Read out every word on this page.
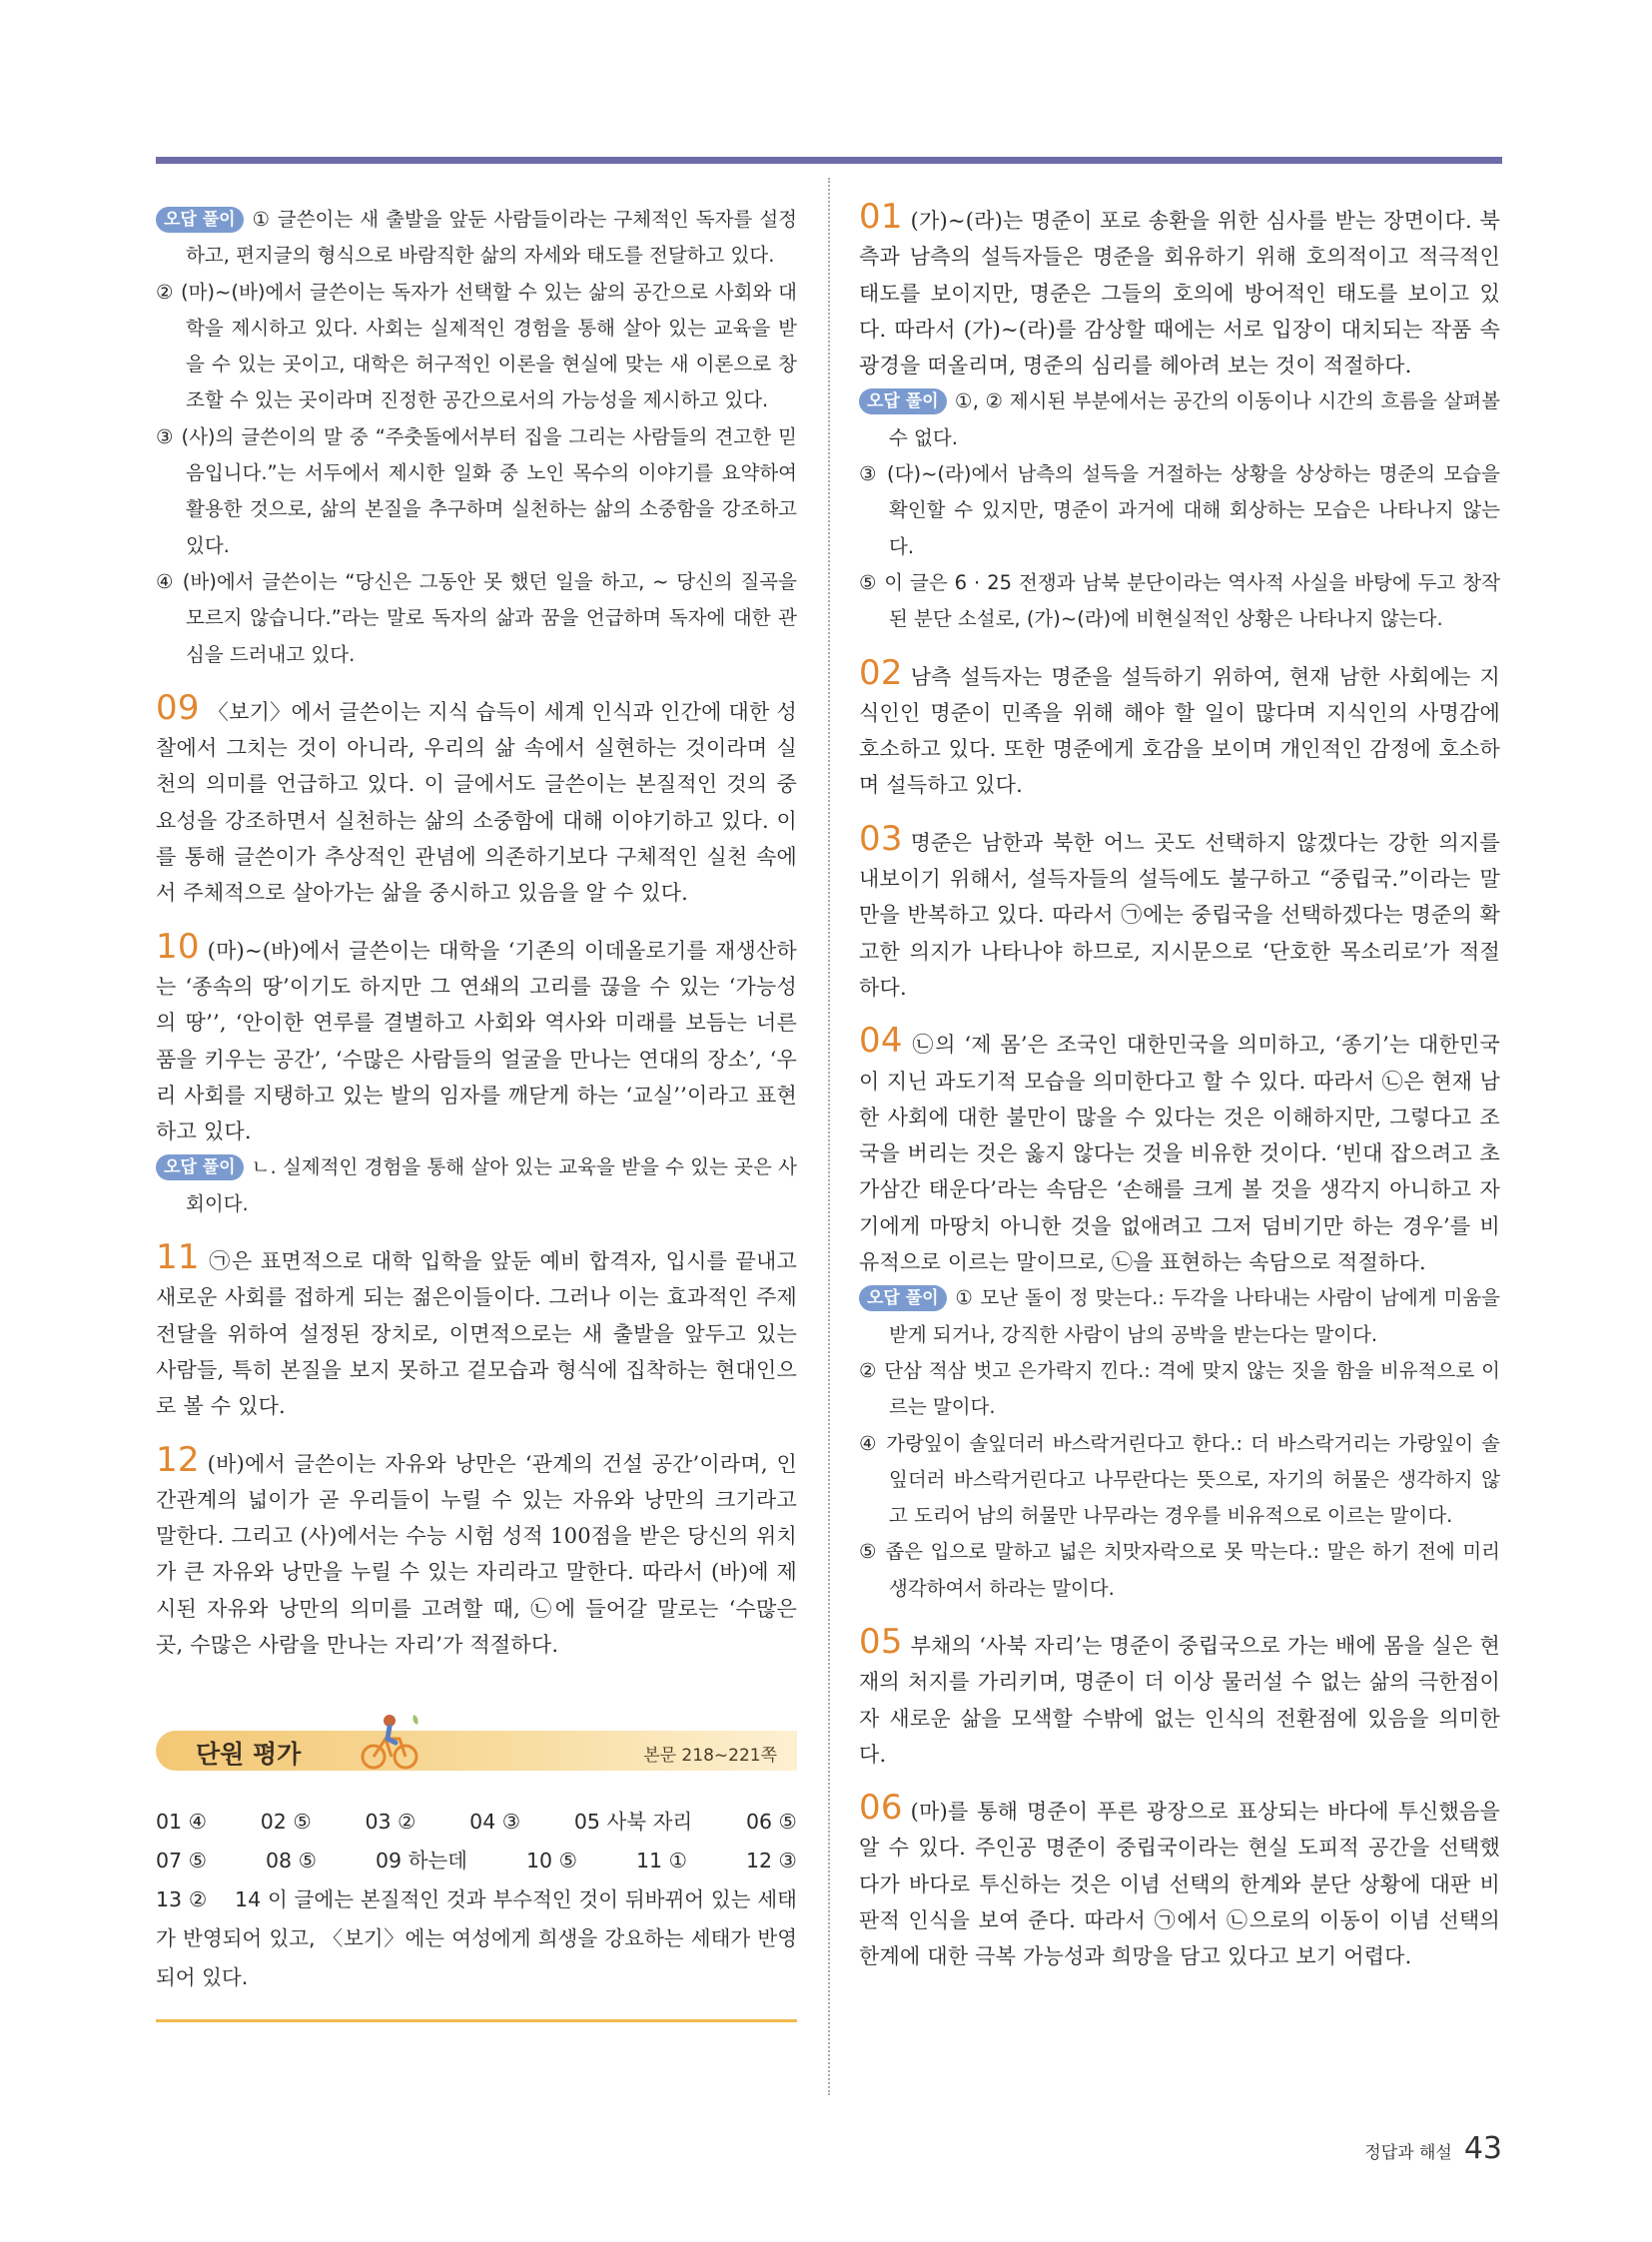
오답 풀이 ① 글쓴이는 새 출발을 앞둔 사람들이라는 구체적인 독자를 설정하고, 편지글의 형식으로 바람직한 삶의 자세와 태도를 전달하고 있다.
② (마)~(바)에서 글쓴이는 독자가 선택할 수 있는 삶의 공간으로 사회와 대학을 제시하고 있다. 사회는 실제적인 경험을 통해 살아 있는 교육을 받을 수 있는 곳이고, 대학은 허구적인 이론을 현실에 맞는 새 이론으로 창조할 수 있는 곳이라며 진정한 공간으로서의 가능성을 제시하고 있다.
③ (사)의 글쓴이의 말 중 “주춧돌에서부터 집을 그리는 사람들의 견고한 믿음입니다.”는 서두에서 제시한 일화 중 노인 목수의 이야기를 요약하여 활용한 것으로, 삶의 본질을 추구하며 실천하는 삶의 소중함을 강조하고 있다.
④ (바)에서 글쓴이는 “당신은 그동안 못 했던 일을 하고, ~ 당신의 질곡을 모르지 않습니다.”라는 말로 독자의 삶과 꿈을 언급하며 독자에 대한 관심을 드러내고 있다.
09 〈보기〉에서 글쓴이는 지식 습득이 세계 인식과 인간에 대한 성찰에서 그치는 것이 아니라, 우리의 삶 속에서 실현하는 것이라며 실천의 의미를 언급하고 있다. 이 글에서도 글쓴이는 본질적인 것의 중요성을 강조하면서 실천하는 삶의 소중함에 대해 이야기하고 있다. 이를 통해 글쓴이가 추상적인 관념에 의존하기보다 구체적인 실천 속에서 주체적으로 살아가는 삶을 중시하고 있음을 알 수 있다.
10 (마)~(바)에서 글쓴이는 대학을 ‘기존의 이데올로기를 재생산하는 ‘종속의 땅’이기도 하지만 그 연쇄의 고리를 끊을 수 있는 ‘가능성의 땅’’, ‘안이한 연루를 결별하고 사회와 역사와 미래를 보듬는 너른 품을 키우는 공간’, ‘수많은 사람들의 얼굴을 만나는 연대의 장소’, ‘우리 사회를 지탱하고 있는 발의 임자를 깨닫게 하는 ‘교실’’이라고 표현하고 있다.
오답 풀이 ㄴ. 실제적인 경험을 통해 살아 있는 교육을 받을 수 있는 곳은 사회이다.
11 ㉠은 표면적으로 대학 입학을 앞둔 예비 합격자, 입시를 끝내고 새로운 사회를 접하게 되는 젊은이들이다. 그러나 이는 효과적인 주제 전달을 위하여 설정된 장치로, 이면적으로는 새 출발을 앞두고 있는 사람들, 특히 본질을 보지 못하고 겉모습과 형식에 집착하는 현대인으로 볼 수 있다.
12 (바)에서 글쓴이는 자유와 낭만은 ‘관계의 건설 공간’이라며, 인간관계의 넓이가 곧 우리들이 누릴 수 있는 자유와 낭만의 크기라고 말한다. 그리고 (사)에서는 수능 시험 성적 100점을 받은 당신의 위치가 큰 자유와 낭만을 누릴 수 있는 자리라고 말한다. 따라서 (바)에 제시된 자유와 낭만의 의미를 고려할 때, ㉡에 들어갈 말로는 ‘수많은 곳, 수많은 사람을 만나는 자리’가 적절하다.
단원 평가	본문 218~221쪽
01 ④	02 ⑤	03 ②	04 ③	05 사북 자리	06 ⑤
07 ⑤	08 ⑤	09 하는데	10 ⑤	11 ①	12 ③
13 ② 14 이 글에는 본질적인 것과 부수적인 것이 뒤바뀌어 있는 세태가 반영되어 있고, 〈보기〉에는 여성에게 희생을 강요하는 세태가 반영되어 있다.
01 (가)~(라)는 명준이 포로 송환을 위한 심사를 받는 장면이다. 북측과 남측의 설득자들은 명준을 회유하기 위해 호의적이고 적극적인 태도를 보이지만, 명준은 그들의 호의에 방어적인 태도를 보이고 있다. 따라서 (가)~(라)를 감상할 때에는 서로 입장이 대치되는 작품 속 광경을 떠올리며, 명준의 심리를 헤아려 보는 것이 적절하다.
오답 풀이 ①, ② 제시된 부분에서는 공간의 이동이나 시간의 흐름을 살펴볼 수 없다.
③ (다)~(라)에서 남측의 설득을 거절하는 상황을 상상하는 명준의 모습을 확인할 수 있지만, 명준이 과거에 대해 회상하는 모습은 나타나지 않는다.
⑤ 이 글은 6 · 25 전쟁과 남북 분단이라는 역사적 사실을 바탕에 두고 창작된 분단 소설로, (가)~(라)에 비현실적인 상황은 나타나지 않는다.
02 남측 설득자는 명준을 설득하기 위하여, 현재 남한 사회에는 지식인인 명준이 민족을 위해 해야 할 일이 많다며 지식인의 사명감에 호소하고 있다. 또한 명준에게 호감을 보이며 개인적인 감정에 호소하며 설득하고 있다.
03 명준은 남한과 북한 어느 곳도 선택하지 않겠다는 강한 의지를 내보이기 위해서, 설득자들의 설득에도 불구하고 “중립국.”이라는 말만을 반복하고 있다. 따라서 ㉠에는 중립국을 선택하겠다는 명준의 확고한 의지가 나타나야 하므로, 지시문으로 ‘단호한 목소리로’가 적절하다.
04 ㉡의 ‘제 몸’은 조국인 대한민국을 의미하고, ‘종기’는 대한민국이 지닌 과도기적 모습을 의미한다고 할 수 있다. 따라서 ㉡은 현재 남한 사회에 대한 불만이 많을 수 있다는 것은 이해하지만, 그렇다고 조국을 버리는 것은 옳지 않다는 것을 비유한 것이다. ‘빈대 잡으려고 초가삼간 태운다’라는 속담은 ‘손해를 크게 볼 것을 생각지 아니하고 자기에게 마땅치 아니한 것을 없애려고 그저 덤비기만 하는 경우’를 비유적으로 이르는 말이므로, ㉡을 표현하는 속담으로 적절하다.
오답 풀이 ① 모난 돌이 정 맞는다.: 두각을 나타내는 사람이 남에게 미움을 받게 되거나, 강직한 사람이 남의 공박을 받는다는 말이다.
② 단삼 적삼 벗고 은가락지 낀다.: 격에 맞지 않는 짓을 함을 비유적으로 이르는 말이다.
④ 가랑잎이 솔잎더러 바스락거린다고 한다.: 더 바스락거리는 가랑잎이 솔잎더러 바스락거린다고 나무란다는 뜻으로, 자기의 허물은 생각하지 않고 도리어 남의 허물만 나무라는 경우를 비유적으로 이르는 말이다.
⑤ 좁은 입으로 말하고 넓은 치맛자락으로 못 막는다.: 말은 하기 전에 미리 생각하여서 하라는 말이다.
05 부채의 ‘사북 자리’는 명준이 중립국으로 가는 배에 몸을 실은 현재의 처지를 가리키며, 명준이 더 이상 물러설 수 없는 삶의 극한점이자 새로운 삶을 모색할 수밖에 없는 인식의 전환점에 있음을 의미한다.
06 (마)를 통해 명준이 푸른 광장으로 표상되는 바다에 투신했음을 알 수 있다. 주인공 명준이 중립국이라는 현실 도피적 공간을 선택했다가 바다로 투신하는 것은 이념 선택의 한계와 분단 상황에 대판 비판적 인식을 보여 준다. 따라서 ㉠에서 ㉡으로의 이동이 이념 선택의 한계에 대한 극복 가능성과 희망을 담고 있다고 보기 어렵다.
정답과 해설 43
